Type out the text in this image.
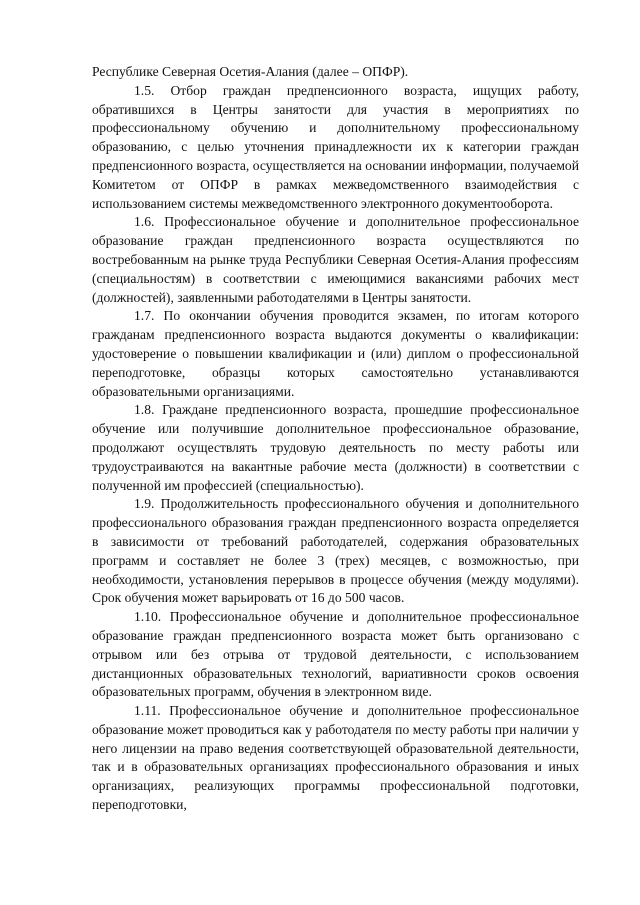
Республике Северная Осетия-Алания (далее – ОПФР).

1.5. Отбор граждан предпенсионного возраста, ищущих работу, обратившихся в Центры занятости для участия в мероприятиях по профессиональному обучению и дополнительному профессиональному образованию, с целью уточнения принадлежности их к категории граждан предпенсионного возраста, осуществляется на основании информации, получаемой Комитетом от ОПФР в рамках межведомственного взаимодействия с использованием системы межведомственного электронного документооборота.

1.6. Профессиональное обучение и дополнительное профессиональное образование граждан предпенсионного возраста осуществляются по востребованным на рынке труда Республики Северная Осетия-Алания профессиям (специальностям) в соответствии с имеющимися вакансиями рабочих мест (должностей), заявленными работодателями в Центры занятости.

1.7. По окончании обучения проводится экзамен, по итогам которого гражданам предпенсионного возраста выдаются документы о квалификации: удостоверение о повышении квалификации и (или) диплом о профессиональной переподготовке, образцы которых самостоятельно устанавливаются образовательными организациями.

1.8. Граждане предпенсионного возраста, прошедшие профессиональное обучение или получившие дополнительное профессиональное образование, продолжают осуществлять трудовую деятельность по месту работы или трудоустраиваются на вакантные рабочие места (должности) в соответствии с полученной им профессией (специальностью).

1.9. Продолжительность профессионального обучения и дополнительного профессионального образования граждан предпенсионного возраста определяется в зависимости от требований работодателей, содержания образовательных программ и составляет не более 3 (трех) месяцев, с возможностью, при необходимости, установления перерывов в процессе обучения (между модулями). Срок обучения может варьировать от 16 до 500 часов.

1.10. Профессиональное обучение и дополнительное профессиональное образование граждан предпенсионного возраста может быть организовано с отрывом или без отрыва от трудовой деятельности, с использованием дистанционных образовательных технологий, вариативности сроков освоения образовательных программ, обучения в электронном виде.

1.11. Профессиональное обучение и дополнительное профессиональное образование может проводиться как у работодателя по месту работы при наличии у него лицензии на право ведения соответствующей образовательной деятельности, так и в образовательных организациях профессионального образования и иных организациях, реализующих программы профессиональной подготовки, переподготовки,
